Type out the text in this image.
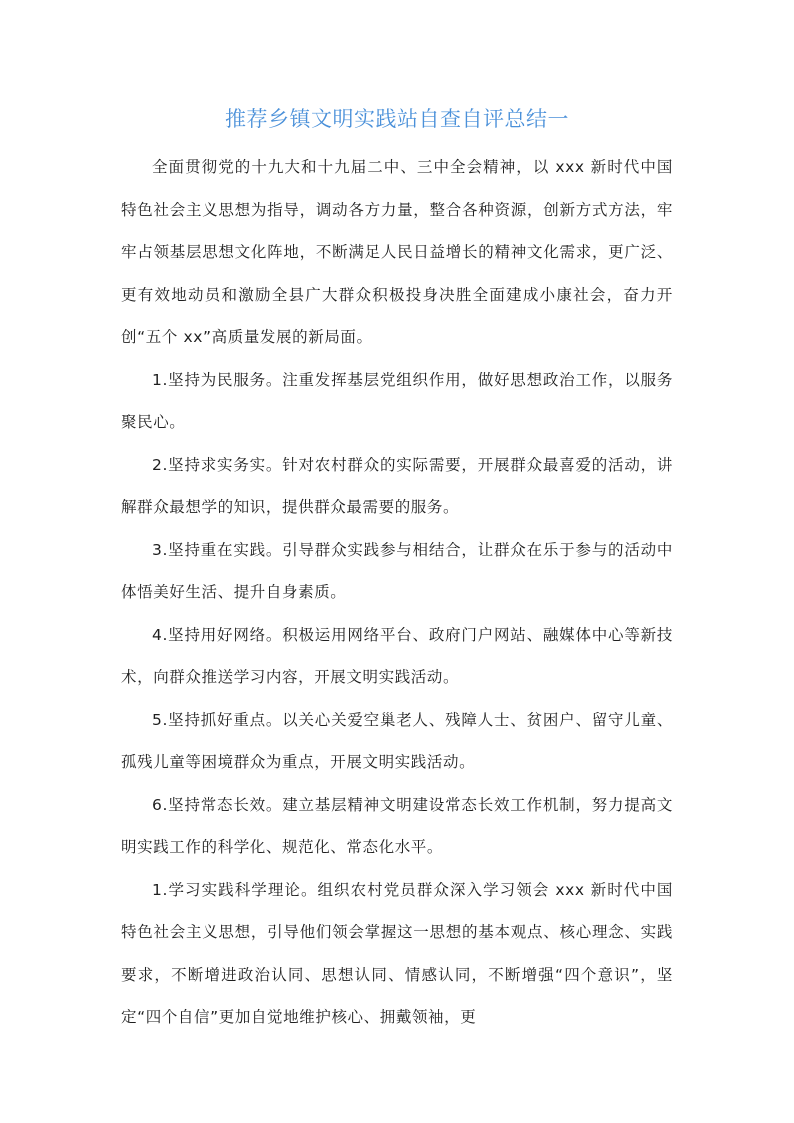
推荐乡镇文明实践站自查自评总结一

全面贯彻党的十九大和十九届二中、三中全会精神，以 xxx 新时代中国特色社会主义思想为指导，调动各方力量，整合各种资源，创新方式方法，牢牢占领基层思想文化阵地，不断满足人民日益增长的精神文化需求，更广泛、更有效地动员和激励全县广大群众积极投身决胜全面建成小康社会，奋力开创“五个 xx”高质量发展的新局面。

1.坚持为民服务。注重发挥基层党组织作用，做好思想政治工作，以服务聚民心。

2.坚持求实务实。针对农村群众的实际需要，开展群众最喜爱的活动，讲解群众最想学的知识，提供群众最需要的服务。

3.坚持重在实践。引导群众实践参与相结合，让群众在乐于参与的活动中体悟美好生活、提升自身素质。

4.坚持用好网络。积极运用网络平台、政府门户网站、融媒体中心等新技术，向群众推送学习内容，开展文明实践活动。

5.坚持抓好重点。以关心关爱空巢老人、残障人士、贫困户、留守儿童、孤残儿童等困境群众为重点，开展文明实践活动。

6.坚持常态长效。建立基层精神文明建设常态长效工作机制，努力提高文明实践工作的科学化、规范化、常态化水平。

1.学习实践科学理论。组织农村党员群众深入学习领会 xxx 新时代中国特色社会主义思想，引导他们领会掌握这一思想的基本观点、核心理念、实践要求，不断增进政治认同、思想认同、情感认同，不断增强“四个意识”，坚定“四个自信”更加自觉地维护核心、拥戴领袖，更
